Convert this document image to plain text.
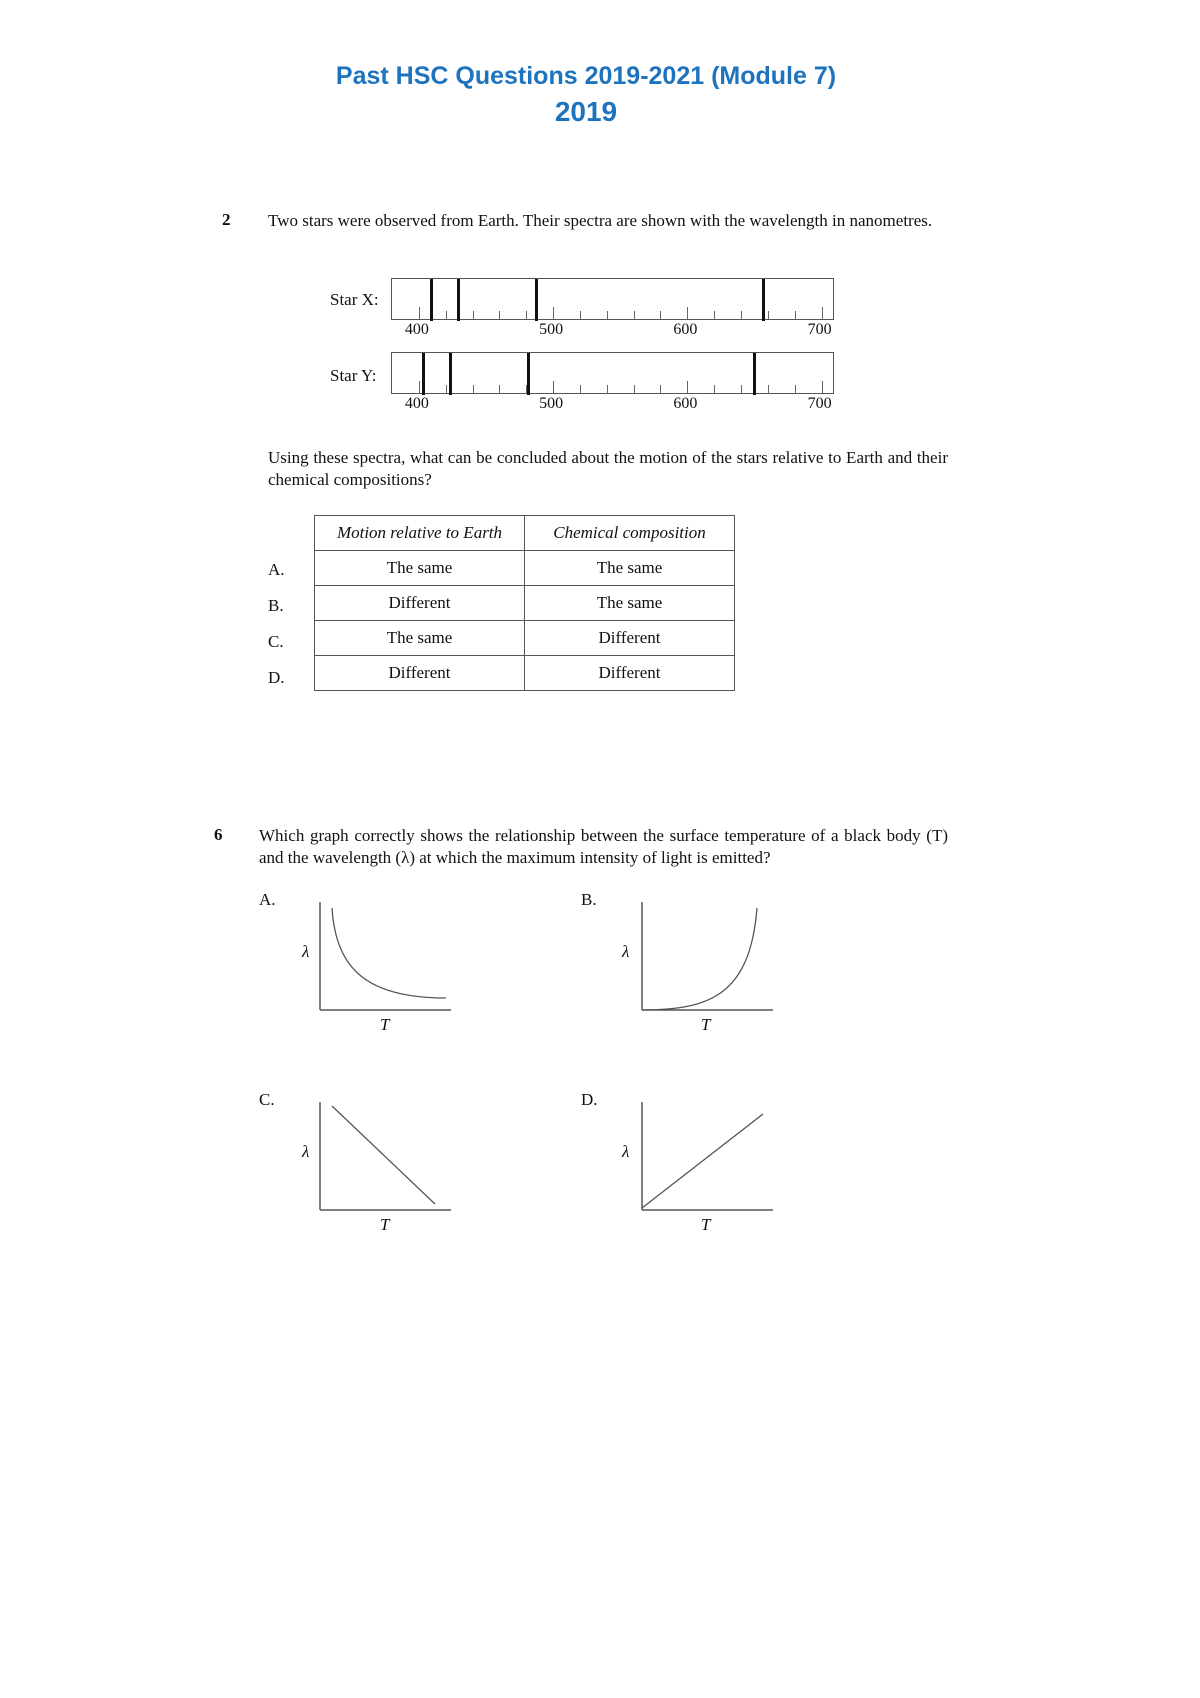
Past HSC Questions 2019-2021 (Module 7)
2019
2 Two stars were observed from Earth. Their spectra are shown with the wavelength in nanometres.
Star X:
400	500	600	700
Star Y:
400	500	600	700
Using these spectra, what can be concluded about the motion of the stars relative to Earth and their chemical compositions?
Motion relative to Earth	Chemical composition
The same	The same
Different	The same
The same	Different
Different	Different
A.
B.
C.
D.
6 Which graph correctly shows the relationship between the surface temperature of a black body (T) and the wavelength (λ) at which the maximum intensity of light is emitted?
A.
λ
T
B.
λ
T
C.
λ
T
D.
λ
T
